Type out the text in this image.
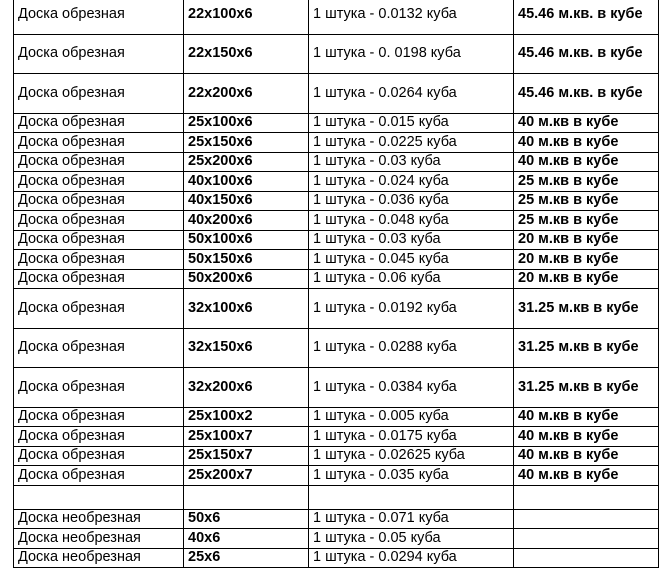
Доска обрезная	22x100x6	1 штука - 0.0132 куба	45.46 м.кв. в кубе
Доска обрезная	22x150x6	1 штука - 0. 0198 куба	45.46 м.кв. в кубе
Доска обрезная	22x200x6	1 штука - 0.0264 куба	45.46 м.кв. в кубе
Доска обрезная	25x100x6	1 штука - 0.015 куба	40 м.кв в кубе
Доска обрезная	25x150x6	1 штука - 0.0225 куба	40 м.кв в кубе
Доска обрезная	25x200x6	1 штука - 0.03 куба	40 м.кв в кубе
Доска обрезная	40x100x6	1 штука - 0.024 куба	25 м.кв в кубе
Доска обрезная	40x150x6	1 штука - 0.036 куба	25 м.кв в кубе
Доска обрезная	40x200x6	1 штука - 0.048 куба	25 м.кв в кубе
Доска обрезная	50x100x6	1 штука - 0.03 куба	20 м.кв в кубе
Доска обрезная	50x150x6	1 штука - 0.045 куба	20 м.кв в кубе
Доска обрезная	50x200x6	1 штука - 0.06 куба	20 м.кв в кубе
Доска обрезная	32x100x6	1 штука - 0.0192 куба	31.25 м.кв в кубе
Доска обрезная	32x150x6	1 штука - 0.0288 куба	31.25 м.кв в кубе
Доска обрезная	32x200x6	1 штука - 0.0384 куба	31.25 м.кв в кубе
Доска обрезная	25x100x2	1 штука - 0.005 куба	40 м.кв в кубе
Доска обрезная	25x100x7	1 штука - 0.0175 куба	40 м.кв в кубе
Доска обрезная	25x150x7	1 штука - 0.02625 куба	40 м.кв в кубе
Доска обрезная	25x200x7	1 штука - 0.035 куба	40 м.кв в кубе

Доска необрезная	50x6	1 штука - 0.071 куба	
Доска необрезная	40x6	1 штука - 0.05 куба	
Доска необрезная	25x6	1 штука - 0.0294 куба	
